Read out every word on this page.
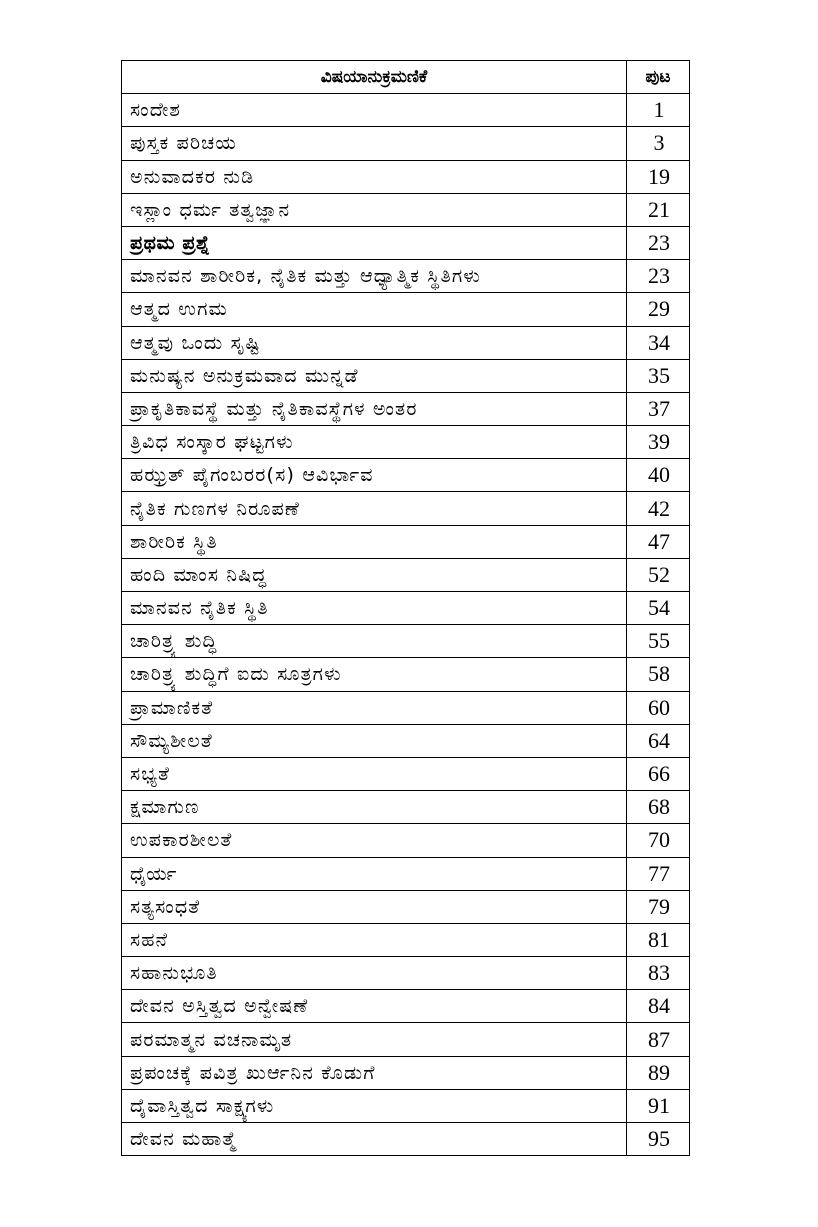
ವಿಷಯಾನುಕ್ರಮಣಿಕೆ	ಪುಟ
ಸಂದೇಶ	1
ಪುಸ್ತಕ ಪರಿಚಯ	3
ಅನುವಾದಕರ ನುಡಿ	19
ಇಸ್ಲಾಂ ಧರ್ಮ ತತ್ವಜ್ಞಾನ	21
ಪ್ರಥಮ ಪ್ರಶ್ನೆ	23
ಮಾನವನ ಶಾರೀರಿಕ, ನೈತಿಕ ಮತ್ತು ಆಧ್ಯಾತ್ಮಿಕ ಸ್ಥಿತಿಗಳು	23
ಆತ್ಮದ ಉಗಮ	29
ಆತ್ಮವು ಒಂದು ಸೃಷ್ಟಿ	34
ಮನುಷ್ಯನ ಅನುಕ್ರಮವಾದ ಮುನ್ನಡೆ	35
ಪ್ರಾಕೃತಿಕಾವಸ್ಥೆ ಮತ್ತು ನೈತಿಕಾವಸ್ಥೆಗಳ ಅಂತರ	37
ತ್ರಿವಿಧ ಸಂಸ್ಕಾರ ಘಟ್ಟಗಳು	39
ಹಝ್ರತ್ ಪೈಗಂಬರರ(ಸ) ಆವಿರ್ಭಾವ	40
ನೈತಿಕ ಗುಣಗಳ ನಿರೂಪಣೆ	42
ಶಾರೀರಿಕ ಸ್ಥಿತಿ	47
ಹಂದಿ ಮಾಂಸ ನಿಷಿದ್ಧ	52
ಮಾನವನ ನೈತಿಕ ಸ್ಥಿತಿ	54
ಚಾರಿತ್ರ್ಯ ಶುದ್ಧಿ	55
ಚಾರಿತ್ರ್ಯ ಶುದ್ಧಿಗೆ ಐದು ಸೂತ್ರಗಳು	58
ಪ್ರಾಮಾಣಿಕತೆ	60
ಸೌಮ್ಯಶೀಲತೆ	64
ಸಭ್ಯತೆ	66
ಕ್ಷಮಾಗುಣ	68
ಉಪಕಾರಶೀಲತೆ	70
ಧೈರ್ಯ	77
ಸತ್ಯಸಂಧತೆ	79
ಸಹನೆ	81
ಸಹಾನುಭೂತಿ	83
ದೇವನ ಅಸ್ತಿತ್ವದ ಅನ್ವೇಷಣೆ	84
ಪರಮಾತ್ಮನ ವಚನಾಮೃತ	87
ಪ್ರಪಂಚಕ್ಕೆ ಪವಿತ್ರ ಖುರ್ಆನಿನ ಕೊಡುಗೆ	89
ದೈವಾಸ್ತಿತ್ವದ ಸಾಕ್ಷ್ಯಗಳು	91
ದೇವನ ಮಹಾತ್ಮೆ	95
